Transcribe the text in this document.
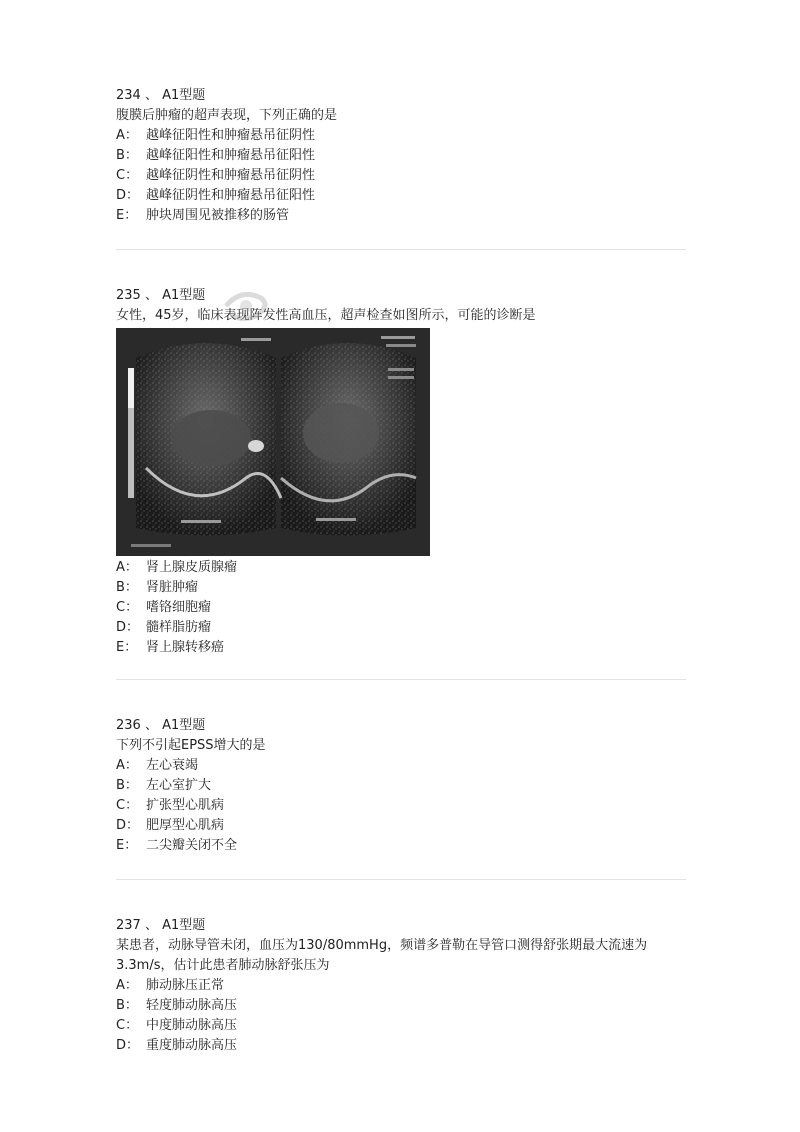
234 、 A1型题
腹膜后肿瘤的超声表现，下列正确的是
A： 越峰征阳性和肿瘤悬吊征阴性
B： 越峰征阳性和肿瘤悬吊征阳性
C： 越峰征阴性和肿瘤悬吊征阴性
D： 越峰征阴性和肿瘤悬吊征阳性
E： 肿块周围见被推移的肠管
235 、 A1型题
女性，45岁，临床表现阵发性高血压，超声检查如图所示，可能的诊断是
A： 肾上腺皮质腺瘤
B： 肾脏肿瘤
C： 嗜铬细胞瘤
D： 髓样脂肪瘤
E： 肾上腺转移癌
236 、 A1型题
下列不引起EPSS增大的是
A： 左心衰竭
B： 左心室扩大
C： 扩张型心肌病
D： 肥厚型心肌病
E： 二尖瓣关闭不全
237 、 A1型题
某患者，动脉导管未闭，血压为130/80mmHg，频谱多普勒在导管口测得舒张期最大流速为3.3m/s，估计此患者肺动脉舒张压为
A： 肺动脉压正常
B： 轻度肺动脉高压
C： 中度肺动脉高压
D： 重度肺动脉高压
